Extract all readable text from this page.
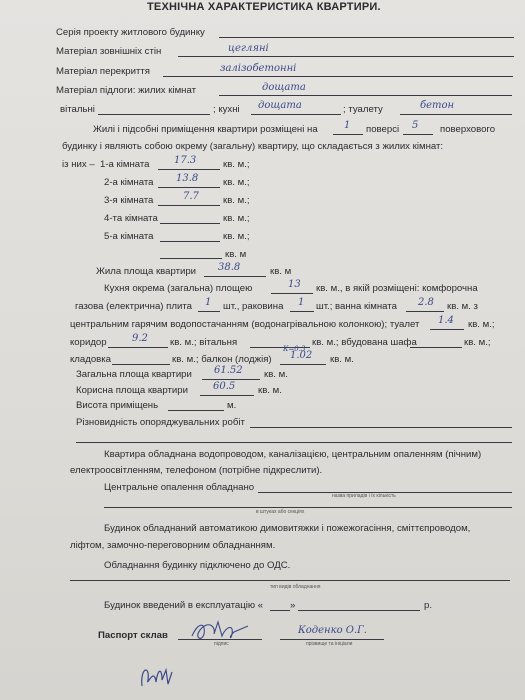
ТЕХНІЧНА ХАРАКТЕРИСТИКА КВАРТИРИ.
Серія проекту житлового будинку
Матеріал зовнішніх стін	цегляні
Матеріал перекриття	залізобетонні
Матеріал підлоги: жилих кімнат	дощата
вітальні	; кухні дощата	; туалету	бетон
Жилі і підсобні приміщення квартири розміщені на	1 поверсі 5 поверхового
будинку і являють собою окрему (загальну) квартиру, що складається з жилих кімнат:
із них – 1-а кімната 17.3	кв. м.;
2-а кімната 13.8	кв. м.;
3-я кімната	7.7	кв. м.;
4-та кімната	кв. м.;
5-а кімната	кв. м.;
кв. м
Жила площа квартири 38.8	кв. м
Кухня окрема (загальна) площею	13 кв. м., в якій розміщені: комфорочна
газова (електрична) плита 1 шт., раковина 1 шт.; ванна кімната 2.8 кв. м. з
центральним гарячим водопостачанням (водонагрівальною колонкою); туалет 1.4 кв. м.;
коридор	9.2 кв. м.; вітальня	кв. м.; вбудована шафа	кв. м.;
К=0.3
кладовка	кв. м.; балкон (лоджія) 1.02 кв. м.
Загальна площа квартири 61.52 кв. м.
Корисна площа квартири	60.5 кв. м.
Висота приміщень	м.
Різновидність опоряджувальних робіт
Квартира обладнана водопроводом, каналізацією, центральним опаленням (пічним)
електроосвітленням, телефоном (потрібне підкреслити).
Центральне опалення обладнано
назва приладів і їх кількість
в штуках або секціях
Будинок обладнаний автоматикою димовитяжки і пожежогасіння, сміттєпроводом,
ліфтом, замочно-переговорним обладнанням.
Обладнання будинку підключено до ОДС.
тип видів обладнання
Будинок введений в експлуатацію «	»	р.
Паспорт склав
підпис
Коденко О.Г.
прізвище та ініціали
